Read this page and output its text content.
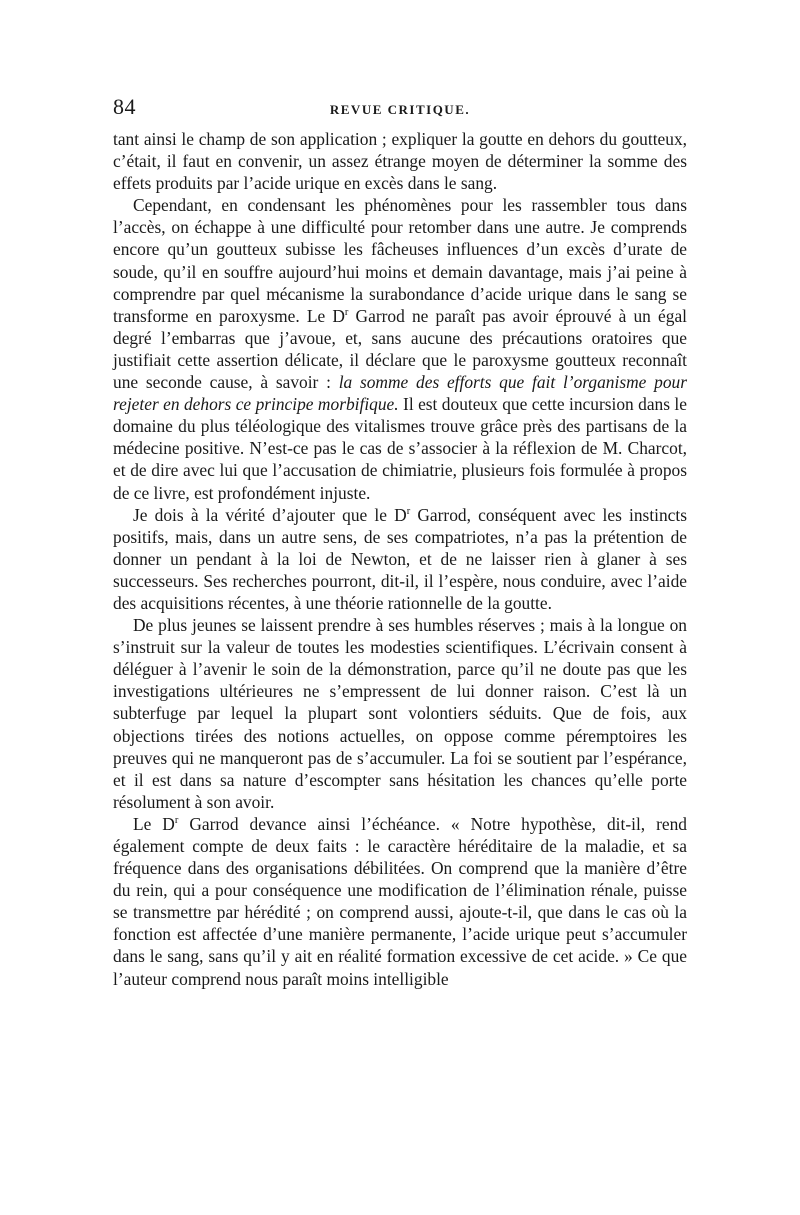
84	REVUE CRITIQUE.

tant ainsi le champ de son application ; expliquer la goutte en dehors du goutteux, c’était, il faut en convenir, un assez étrange moyen de déterminer la somme des effets produits par l’acide urique en excès dans le sang.

Cependant, en condensant les phénomènes pour les rassembler tous dans l’accès, on échappe à une difficulté pour retomber dans une autre. Je comprends encore qu’un goutteux subisse les fâcheuses influences d’un excès d’urate de soude, qu’il en souffre aujourd’hui moins et demain davantage, mais j’ai peine à comprendre par quel mécanisme la surabondance d’acide urique dans le sang se transforme en paroxysme. Le $D^r$ Garrod ne paraît pas avoir éprouvé à un égal degré l’embarras que j’avoue, et, sans aucune des précautions oratoires que justifiait cette assertion délicate, il déclare que le paroxysme goutteux reconnaît une seconde cause, à savoir : la somme des efforts que fait l’organisme pour rejeter en dehors ce principe morbifique. Il est douteux que cette incursion dans le domaine du plus téléologique des vitalismes trouve grâce près des partisans de la médecine positive. N’est-ce pas le cas de s’associer à la réflexion de M. Charcot, et de dire avec lui que l’accusation de chimiatrie, plusieurs fois formulée à propos de ce livre, est profondément injuste.

Je dois à la vérité d’ajouter que le $D^r$ Garrod, conséquent avec les instincts positifs, mais, dans un autre sens, de ses compatriotes, n’a pas la prétention de donner un pendant à la loi de Newton, et de ne laisser rien à glaner à ses successeurs. Ses recherches pourront, dit-il, il l’espère, nous conduire, avec l’aide des acquisitions récentes, à une théorie rationnelle de la goutte.

De plus jeunes se laissent prendre à ses humbles réserves ; mais à la longue on s’instruit sur la valeur de toutes les modesties scientifiques. L’écrivain consent à déléguer à l’avenir le soin de la démonstration, parce qu’il ne doute pas que les investigations ultérieures ne s’empressent de lui donner raison. C’est là un subterfuge par lequel la plupart sont volontiers séduits. Que de fois, aux objections tirées des notions actuelles, on oppose comme péremptoires les preuves qui ne manqueront pas de s’accumuler. La foi se soutient par l’espérance, et il est dans sa nature d’escompter sans hésitation les chances qu’elle porte résolument à son avoir.

Le $D^r$ Garrod devance ainsi l’échéance. « Notre hypothèse, dit-il, rend également compte de deux faits : le caractère héréditaire de la maladie, et sa fréquence dans des organisations débilitées. On comprend que la manière d’être du rein, qui a pour conséquence une modification de l’élimination rénale, puisse se transmettre par hérédité ; on comprend aussi, ajoute-t-il, que dans le cas où la fonction est affectée d’une manière permanente, l’acide urique peut s’accumuler dans le sang, sans qu’il y ait en réalité formation excessive de cet acide. » Ce que l’auteur comprend nous paraît moins intelligible
